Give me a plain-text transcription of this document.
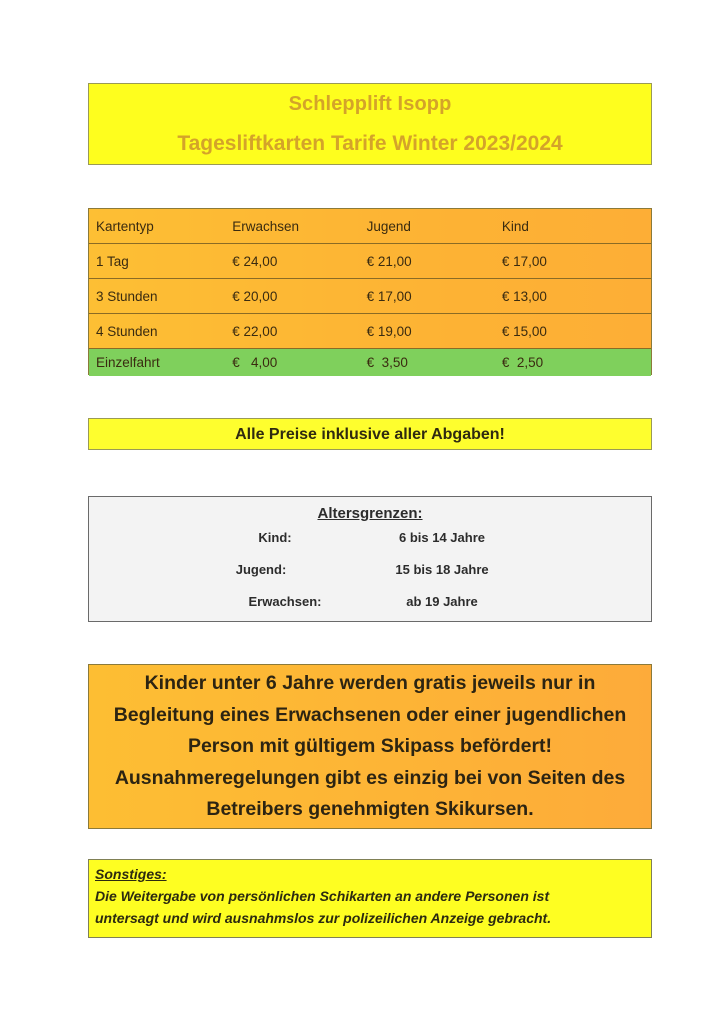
Schlepplift Isopp
Tagesliftkarten Tarife Winter 2023/2024
Kartentyp	Erwachsen	Jugend	Kind
1 Tag	€ 24,00	€ 21,00	€ 17,00
3 Stunden	€ 20,00	€ 17,00	€ 13,00
4 Stunden	€ 22,00	€ 19,00	€ 15,00
Einzelfahrt	€   4,00	€  3,50	€  2,50
Alle Preise inklusive aller Abgaben!
Altersgrenzen:
Kind:	6 bis 14 Jahre
Jugend:	15 bis 18 Jahre
Erwachsen:	ab 19 Jahre
Kinder unter 6 Jahre werden gratis jeweils nur in
Begleitung eines Erwachsenen oder einer jugendlichen
Person mit gültigem Skipass befördert!
Ausnahmeregelungen gibt es einzig bei von Seiten des
Betreibers genehmigten Skikursen.
Sonstiges:
Die Weitergabe von persönlichen Schikarten an andere Personen ist
untersagt und wird ausnahmslos zur polizeilichen Anzeige gebracht.
